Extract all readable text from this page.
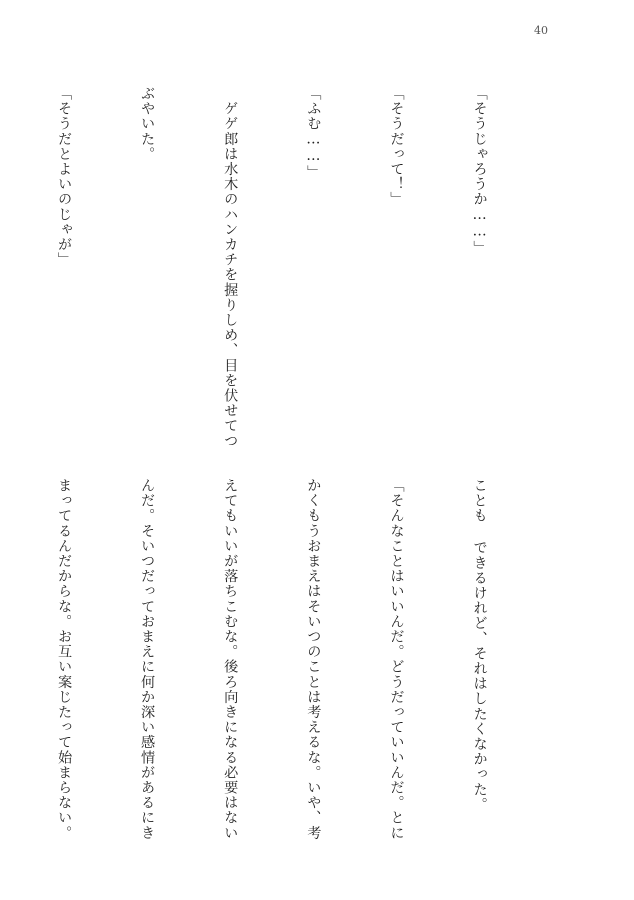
40

「そうじゃろうか……」

「そうだって！」

「ふむ……」

　ゲゲ郎は水木のハンカチを握りしめ、目を伏せてつ

ぶやいた。

「そうだとよいのじゃが」

ことも できるけれど、それはしたくなかった。

「そんなことはいいんだ。どうだっていいんだ。とに

かくもうおまえはそいつのことは考えるな。いや、考

えてもいいが落ちこむな。後ろ向きになる必要はない

んだ。そいつだっておまえに何か深い感情があるにき

まってるんだからな。お互い案じたって始まらない。
